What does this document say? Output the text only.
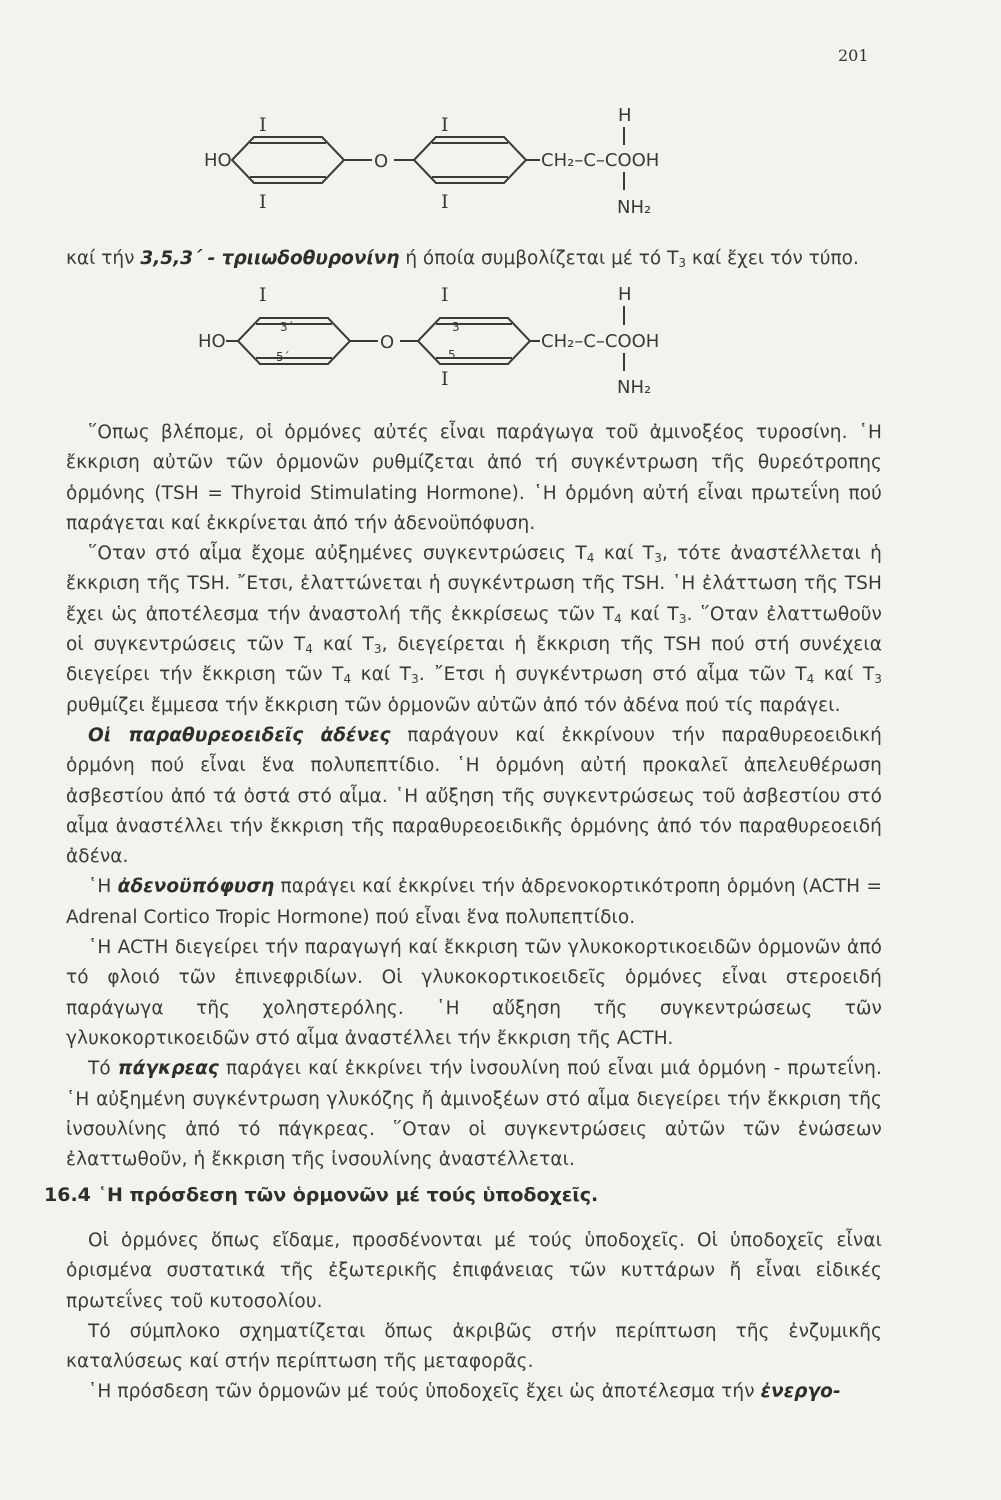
201
I	I
I	I
HO	O
H
CH₂–C–COOH
NH₂
καί τήν 3,5,3΄ - τριιωδοθυρονίνη ή όποία συμβολίζεται μέ τό $T_3$ καί ἔχει τόν τύπο.
I	I
I
HO
3΄
5΄
O
3
5
H
CH₂–C–COOH
NH₂

῞Οπως βλέπομε, οἱ ὁρμόνες αὐτές εἶναι παράγωγα τοῦ ἀμινοξέος τυροσίνη. ῾Η ἔκκριση αὐτῶν τῶν ὁρμονῶν ρυθμίζεται ἀπό τή συγκέντρωση τῆς θυρεότροπης ὁρμόνης (TSH = Thyroid Stimulating Hormone). ῾Η ὁρμόνη αὐτή εἶναι πρωτεΐνη πού παράγεται καί ἐκκρίνεται ἀπό τήν ἀδενοϋπόφυση.

῞Οταν στό αἷμα ἔχομε αὐξημένες συγκεντρώσεις $T_4$ καί $T_3$, τότε ἀναστέλλεται ἡ ἔκκριση τῆς TSH. ῎Ετσι, ἐλαττώνεται ἡ συγκέντρωση τῆς TSH. ῾Η ἐλάττωση τῆς TSH ἔχει ὡς ἀποτέλεσμα τήν ἀναστολή τῆς ἐκκρίσεως τῶν $T_4$ καί $T_3$. ῞Οταν ἐλαττωθοῦν οἱ συγκεντρώσεις τῶν $T_4$ καί $T_3$, διεγείρεται ἡ ἔκκριση τῆς TSH πού στή συνέχεια διεγείρει τήν ἔκκριση τῶν $T_4$ καί $T_3$. ῎Ετσι ἡ συγκέντρωση στό αἷμα τῶν $T_4$ καί $T_3$ ρυθμίζει ἔμμεσα τήν ἔκκριση τῶν ὁρμονῶν αὐτῶν ἀπό τόν ἀδένα πού τίς παράγει.

Οἱ παραθυρεοειδεῖς ἀδένες παράγουν καί ἐκκρίνουν τήν παραθυρεοειδική ὁρμόνη πού εἶναι ἕνα πολυπεπτίδιο. ῾Η ὁρμόνη αὐτή προκαλεῖ ἀπελευθέρωση ἀσβεστίου ἀπό τά ὀστά στό αἷμα. ῾Η αὔξηση τῆς συγκεντρώσεως τοῦ ἀσβεστίου στό αἷμα ἀναστέλλει τήν ἔκκριση τῆς παραθυρεοειδικῆς ὁρμόνης ἀπό τόν παραθυρεοειδή ἀδένα.

῾Η ἀδενοϋπόφυση παράγει καί ἐκκρίνει τήν ἀδρενοκορτικότροπη ὁρμόνη (ACTH = Adrenal Cortico Tropic Hormone) πού εἶναι ἕνα πολυπεπτίδιο.

῾Η ACTH διεγείρει τήν παραγωγή καί ἔκκριση τῶν γλυκοκορτικοειδῶν ὁρμονῶν ἀπό τό φλοιό τῶν ἐπινεφριδίων. Οἱ γλυκοκορτικοειδεῖς ὁρμόνες εἶναι στεροειδή παράγωγα τῆς χοληστερόλης. ῾Η αὔξηση τῆς συγκεντρώσεως τῶν γλυκοκορτικοειδῶν στό αἷμα ἀναστέλλει τήν ἔκκριση τῆς ACTH.

Τό πάγκρεας παράγει καί ἐκκρίνει τήν ἰνσουλίνη πού εἶναι μιά ὁρμόνη - πρωτεΐνη. ῾Η αὐξημένη συγκέντρωση γλυκόζης ἤ ἀμινοξέων στό αἷμα διεγείρει τήν ἔκκριση τῆς ἰνσουλίνης ἀπό τό πάγκρεας. ῞Οταν οἱ συγκεντρώσεις αὐτῶν τῶν ἑνώσεων ἐλαττωθοῦν, ἡ ἔκκριση τῆς ἰνσουλίνης ἀναστέλλεται.

16.4 ῾Η πρόσδεση τῶν ὁρμονῶν μέ τούς ὑποδοχεῖς.

Οἱ ὁρμόνες ὅπως εἴδαμε, προσδένονται μέ τούς ὑποδοχεῖς. Οἱ ὑποδοχεῖς εἶναι ὁρισμένα συστατικά τῆς ἐξωτερικῆς ἐπιφάνειας τῶν κυττάρων ἤ εἶναι εἰδικές πρωτεΐνες τοῦ κυτοσολίου.

Τό σύμπλοκο σχηματίζεται ὅπως ἀκριβῶς στήν περίπτωση τῆς ἐνζυμικῆς καταλύσεως καί στήν περίπτωση τῆς μεταφορᾶς.

῾Η πρόσδεση τῶν ὁρμονῶν μέ τούς ὑποδοχεῖς ἔχει ὡς ἀποτέλεσμα τήν ἐνεργο-
